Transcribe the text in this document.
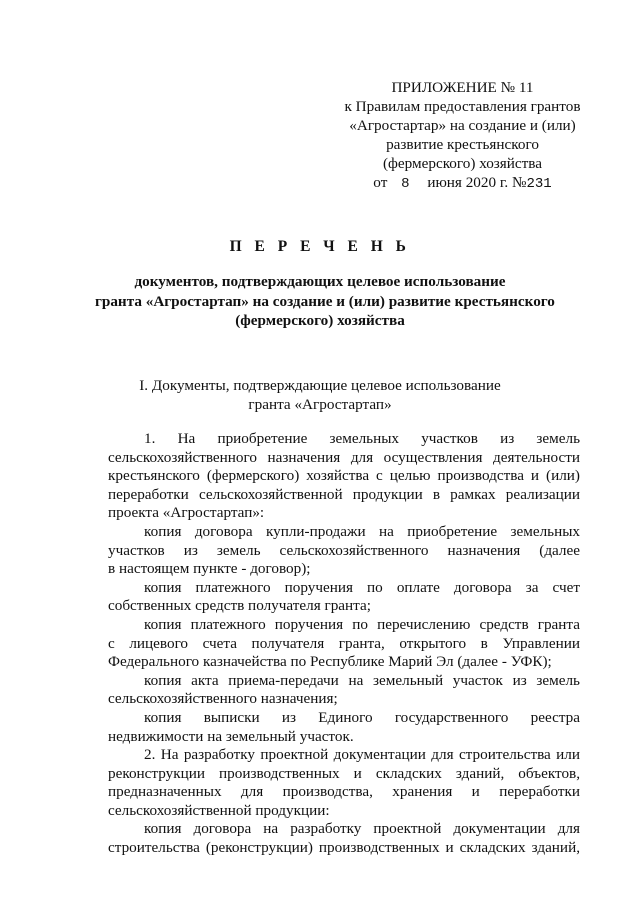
ПРИЛОЖЕНИЕ № 11
к Правилам предоставления грантов
«Агростартар» на создание и (или)
развитие крестьянского
(фермерского) хозяйства
от 8 июня 2020 г. №231
П Е Р Е Ч Е Н Ь
документов, подтверждающих целевое использование
гранта «Агростартап» на создание и (или) развитие крестьянского
(фермерского) хозяйства
I. Документы, подтверждающие целевое использование
гранта «Агростартап»
1. На приобретение земельных участков из земель
сельскохозяйственного назначения для осуществления деятельности
крестьянского (фермерского) хозяйства с целью производства и (или)
переработки сельскохозяйственной продукции в рамках реализации
проекта «Агростартап»:
копия договора купли-продажи на приобретение земельных
участков из земель сельскохозяйственного назначения (далее
в настоящем пункте - договор);
копия платежного поручения по оплате договора за счет
собственных средств получателя гранта;
копия платежного поручения по перечислению средств гранта
с лицевого счета получателя гранта, открытого в Управлении
Федерального казначейства по Республике Марий Эл (далее - УФК);
копия акта приема-передачи на земельный участок из земель
сельскохозяйственного назначения;
копия выписки из Единого государственного реестра
недвижимости на земельный участок.
2. На разработку проектной документации для строительства или
реконструкции производственных и складских зданий, объектов,
предназначенных для производства, хранения и переработки
сельскохозяйственной продукции:
копия договора на разработку проектной документации для
строительства (реконструкции) производственных и складских зданий,
